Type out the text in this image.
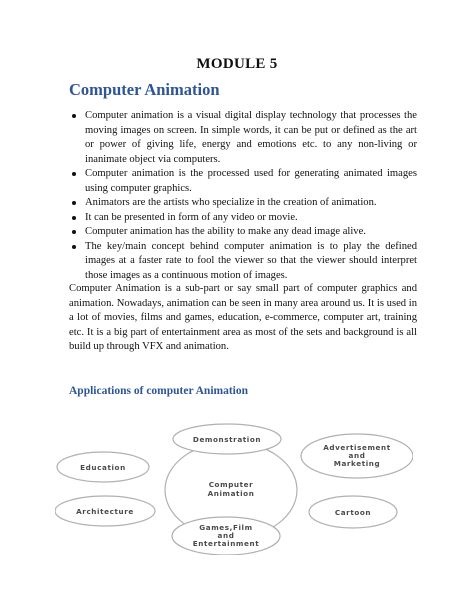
MODULE 5
Computer Animation
Computer animation is a visual digital display technology that processes the moving images on screen. In simple words, it can be put or defined as the art or power of giving life, energy and emotions etc. to any non-living or inanimate object via computers.
Computer animation is the processed used for generating animated images using computer graphics.
Animators are the artists who specialize in the creation of animation.
It can be presented in form of any video or movie.
Computer animation has the ability to make any dead image alive.
The key/main concept behind computer animation is to play the defined images at a faster rate to fool the viewer so that the viewer should interpret those images as a continuous motion of images.

Computer Animation is a sub-part or say small part of computer graphics and animation. Nowadays, animation can be seen in many area around us. It is used in a lot of movies, films and games, education, e-commerce, computer art, training etc. It is a big part of entertainment area as most of the sets and background is all build up through VFX and animation.

Applications of computer Animation
Computer Animation
Demonstration
Advertisement and Marketing
Education
Architecture	Cartoon
Games,Film and Entertainment
